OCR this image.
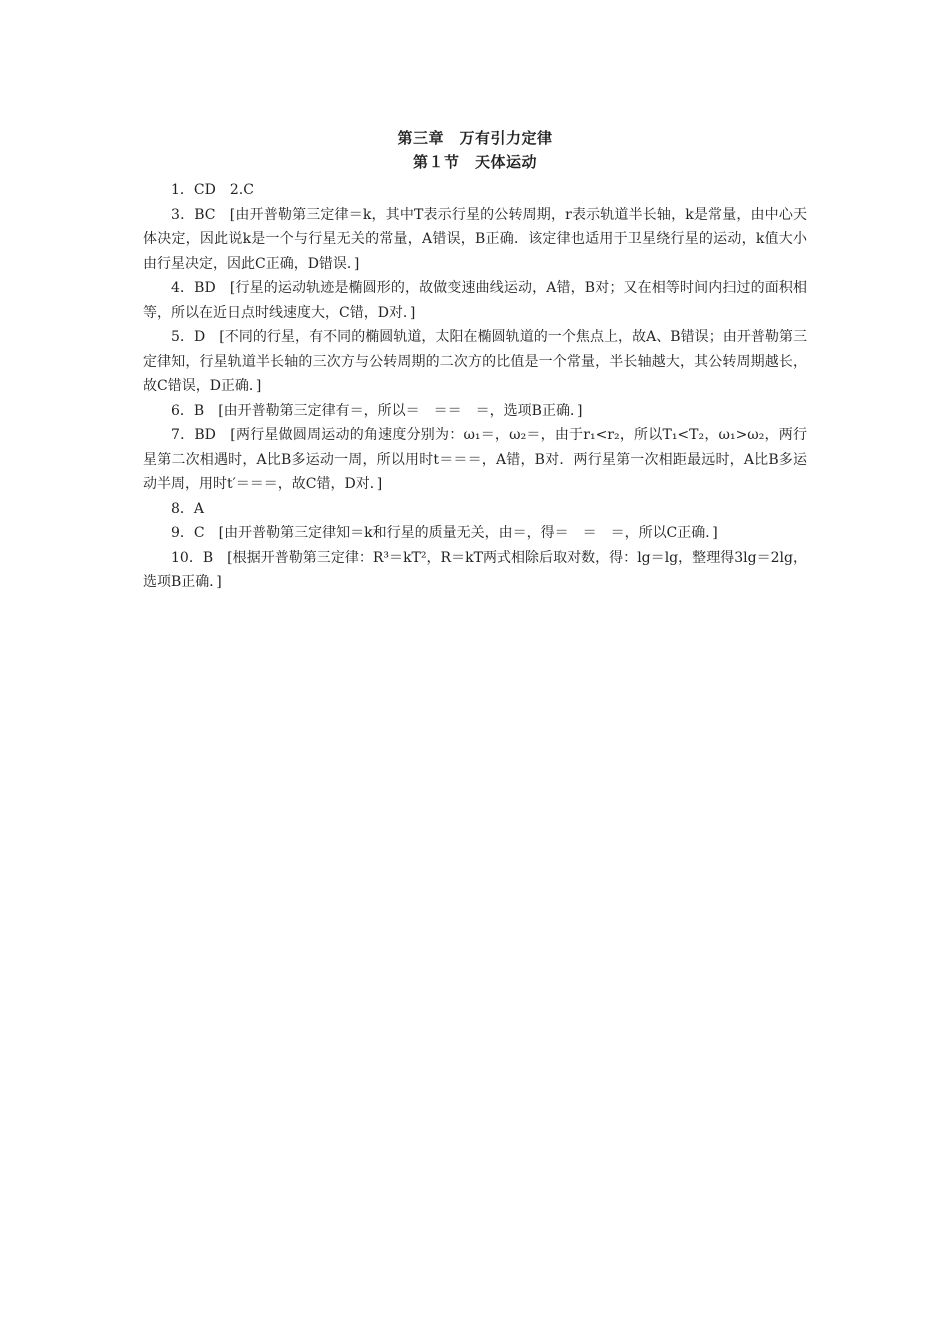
第三章　万有引力定律
第１节　天体运动

1．CD　2.C

3．BC　[由开普勒第三定律＝k，其中T表示行星的公转周期，r表示轨道半长轴，k是常量，由中心天体决定，因此说k是一个与行星无关的常量，A错误，B正确．该定律也适用于卫星绕行星的运动，k值大小由行星决定，因此C正确，D错误．]

4．BD　[行星的运动轨迹是椭圆形的，故做变速曲线运动，A错，B对；又在相等时间内扫过的面积相等，所以在近日点时线速度大，C错，D对．]

5．D　[不同的行星，有不同的椭圆轨道，太阳在椭圆轨道的一个焦点上，故A、B错误；由开普勒第三定律知，行星轨道半长轴的三次方与公转周期的二次方的比值是一个常量，半长轴越大，其公转周期越长，故C错误，D正确．]

6．B　[由开普勒第三定律有＝，所以＝　＝＝　＝，选项B正确．]

7．BD　[两行星做圆周运动的角速度分别为：ω₁＝，ω₂＝，由于r₁<r₂，所以T₁<T₂，ω₁>ω₂，两行星第二次相遇时，A比B多运动一周，所以用时t＝＝＝，A错，B对．两行星第一次相距最远时，A比B多运动半周，用时t′＝＝＝，故C错，D对．]

8．A

9．C　[由开普勒第三定律知＝k和行星的质量无关，由＝，得＝　＝　＝，所以C正确．]

10．B　[根据开普勒第三定律：R³＝kT²，R＝kT两式相除后取对数，得：lg＝lg，整理得3lg＝2lg，选项B正确．]
